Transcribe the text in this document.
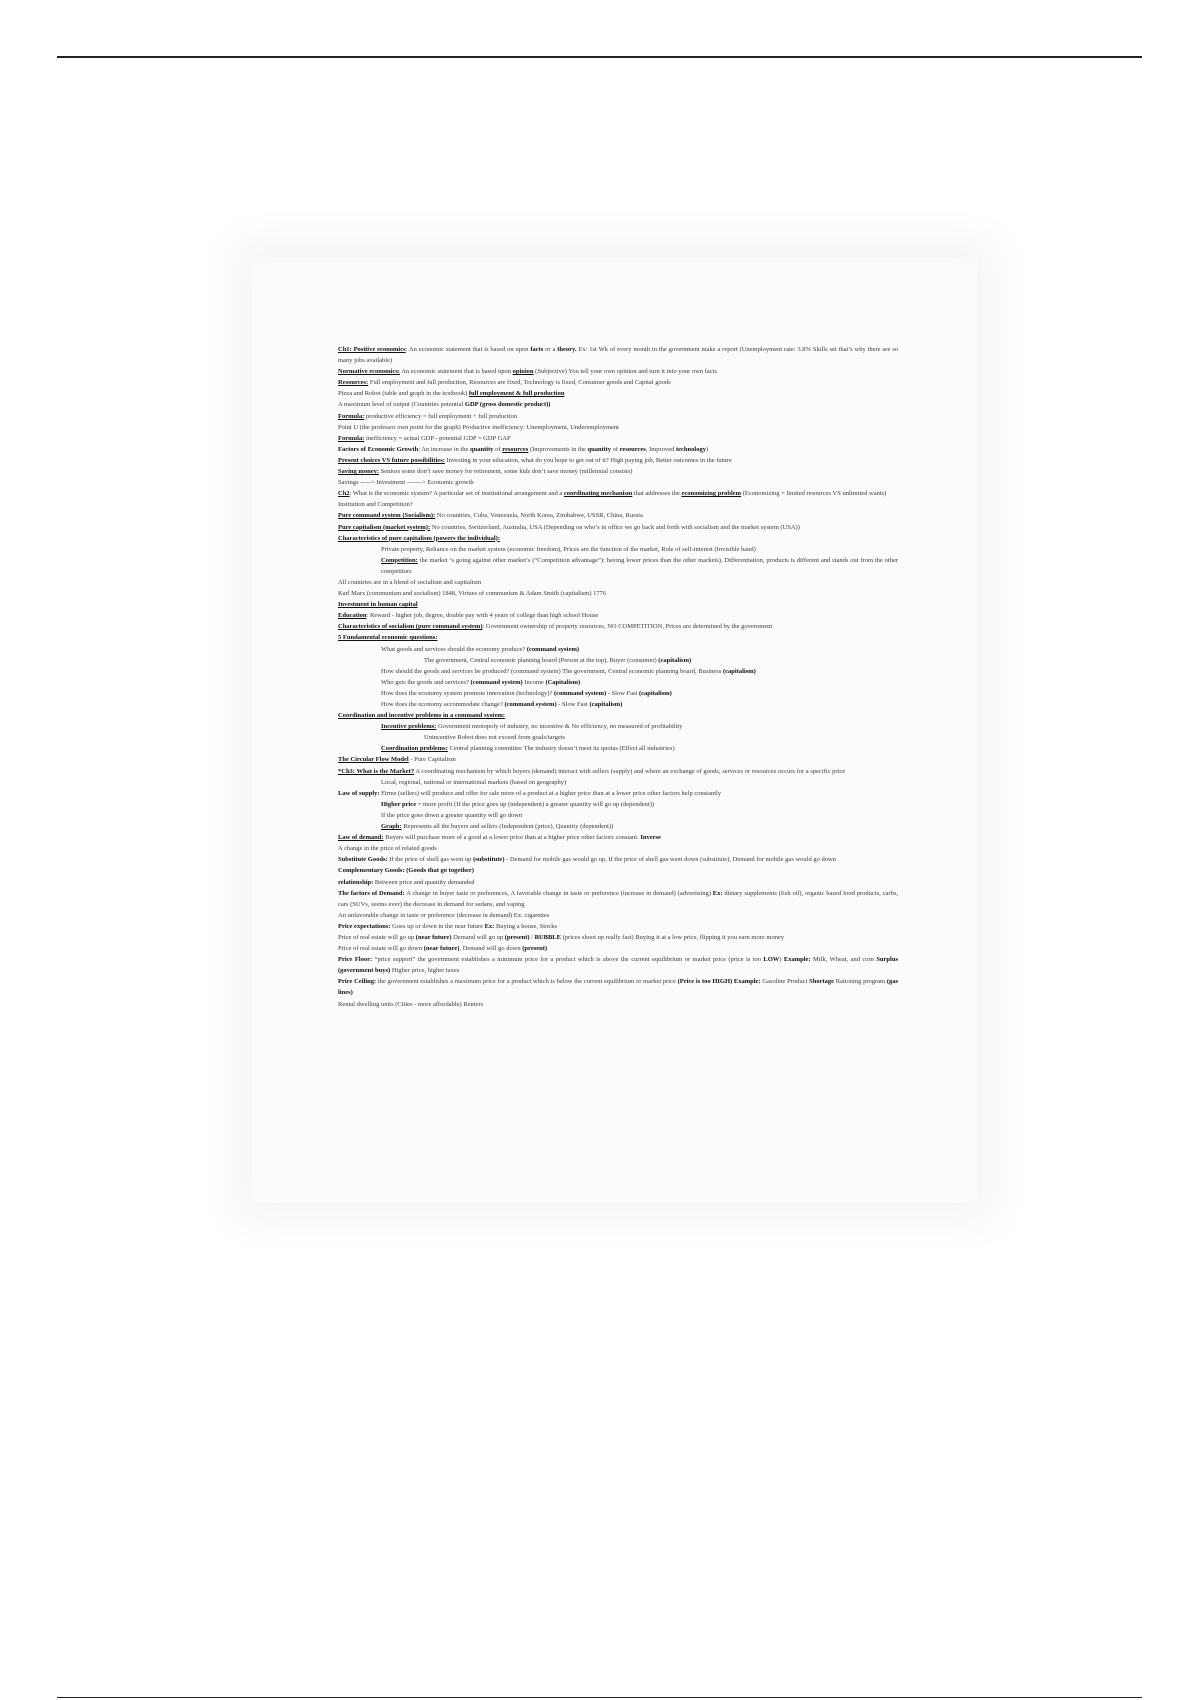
Ch1: Positive economics: An economic statement that is based on upon facts or a theory. Ex: 1st Wk of every month in the government make a report (Unemployment rate: 3.8% Skills set that’s why there are so many jobs available)

Normative economics: An economic statement that is based upon opinion (Subjective) You tell your own opinion and turn it into your own facts

Resources: Full employment and full production, Resources are fixed, Technology is fixed, Consumer goods and Capital goods

Pizza and Robot (table and graph in the textbook) full employment & full production

A maximum level of output (Countries potential GDP (gross domestic product))

Formula: productive efficiency = full employment + full production

Point U (the professor own point for the graph) Productive inefficiency: Unemployment, Underemployment

Formula: inefficiency = actual GDP - potential GDP = GDP GAP

Factors of Economic Growth: An increase in the quantity of resources (Improvements in the quantity of resources, Improved technology)

Present choices VS future possibilities: Investing in your education, what do you hope to get out of it? High paying job, Better outcomes in the future

Saving money: Seniors some don’t save money for retirement, some kids don’t save money (millennial consists)

Savings -----> Investment -------> Economic growth

Ch2: What is the economic system? A particular set of institutional arrangement and a coordinating mechanism that addresses the economizing problem (Economizing = limited resources VS unlimited wants)

Institution and Competition?

Pure command system (Socialism): No countries, Cuba, Venezuela, North Korea, Zimbabwe, USSR, China, Russia

Pure capitalism (market system): No countries, Switzerland, Australia, USA (Depending on who’s in office we go back and forth with socialism and the market system (USA))

Characteristics of pure capitalism (powers the individual):

Private property, Reliance on the market system (economic freedom), Prices are the function of the market, Role of self-interest (Invisible hand)

Competition: the market ‘s going against other market’s (“Competition advantage”): having lower prices than the other markets), Differentiation, products is different and stands out from the other competitors

All countries are in a blend of socialism and capitalism

Karl Marx (communism and socialism) 1848, Virtues of communism & Adam Smith (capitalism) 1776

Investment in human capital

Education: Reward - higher job, degree, double pay with 4 years of college than high school House

Characteristics of socialism (pure command system): Government ownership of property resources, NO COMPETITION, Prices are determined by the government

5 Fundamental economic questions:

What goods and services should the economy produce? (command system)

The government, Central economic planning board (Person at the top), Buyer (consumer) (capitalism)

How should the goods and services be produced? (command system) The government, Central economic planning board, Business (capitalism)

Who gets the goods and services? (command system) Income (Capitalism)

How does the economy system promote innovation (technology)? (command system) - Slow Fast (capitalism)

How does the economy accommodate change? (command system) - Slow Fast (capitalism)

Coordination and incentive problems in a command system:

Incentive problems: Government monopoly of industry, no incentive & No efficiency, no measured of profitability

Unincentive Robot does not exceed from goals/targets

Coordination problems: Central planning committee The industry doesn’t meet its quotas (Effect all industries)

The Circular Flow Model - Pure Capitalism

*Ch3: What is the Market? A coordinating mechanism by which buyers (demand) interact with sellers (supply) and where an exchange of goods, services or resources occurs for a specific price

Local, regional, national or international markets (based on geography)

Law of supply: Firms (sellers) will produce and offer for sale more of a product at a higher price than at a lower price other factors help constantly

Higher price = more profit (If the price goes up (independent) a greater quantity will go up (dependent))

If the price goes down a greater quantity will go down

Graph: Represents all the buyers and sellers (Independent (price), Quantity (dependent))

Law of demand: Buyers will purchase more of a good at a lower price than at a higher price other factors constant. Inverse

A change in the price of related goods

Substitute Goods: If the price of shell gas went up (substitute) - Demand for mobile gas would go up, If the price of shell gas went down (substitute), Demand for mobile gas would go down

Complementary Goods: (Goods that go together)

relationship: Between price and quantity demanded

The factors of Demand: A change in buyer taste or preferences, A favorable change in taste or preference (increase in demand) (advertising) Ex: dietary supplements (fish oil), organic based food products, carbs, cars (SUVs, seems ever) the decrease in demand for sedans, and vaping

An unfavorable change in taste or preference (decrease in demand) Ex: cigarettes

Price expectations: Goes up or down in the near future Ex: Buying a house, Stocks

Price of real estate will go up (near future) Demand will go up (present) / BUBBLE (prices shoot up really fast) Buying it at a low price, flipping it you earn more money

Price of real estate will go down (near future), Demand will go down (present)

Price Floor: “price support” the government establishes a minimum price for a product which is above the current equilibrium or market price (price is too LOW) Example: Milk, Wheat, and corn Surplus (government buys) Higher price, higher taxes

Price Ceiling: the government establishes a maximum price for a product which is below the current equilibrium or market price (Price is too HIGH) Example: Gasoline Product Shortage Rationing program (gas lines)

Rental dwelling units (Cities - more affordable) Renters
